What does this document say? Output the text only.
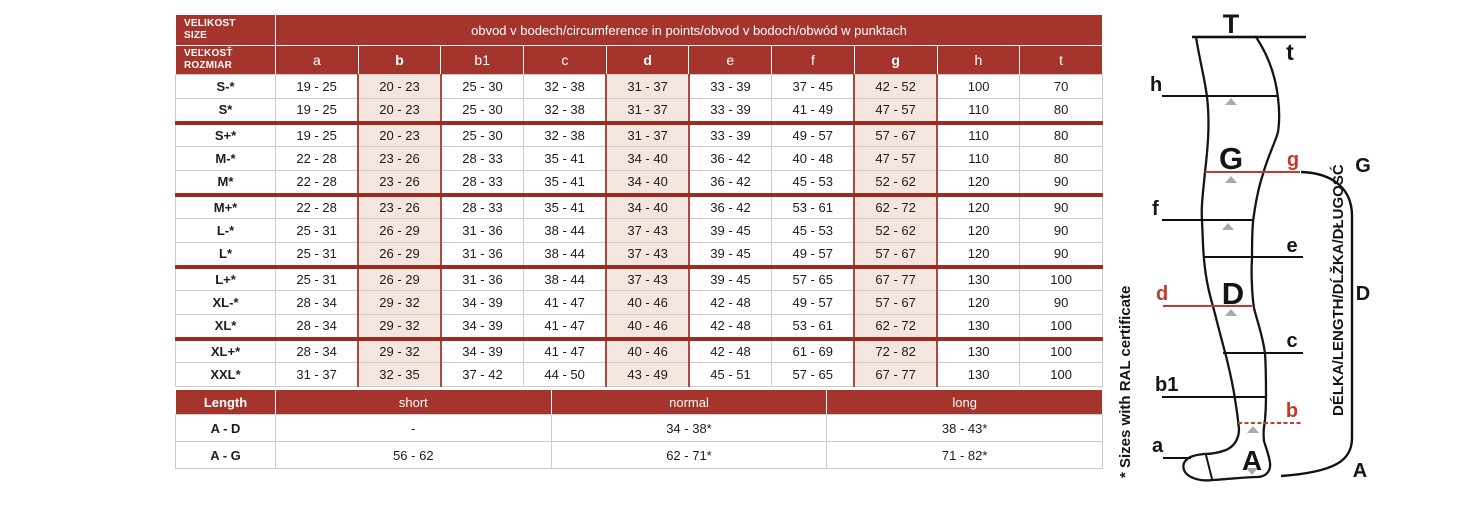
VELIKOST
SIZE	obvod v bodech/circumference in points/obvod v bodoch/obwód w punktach									

VEĽKOSŤ
ROZMIAR	a	b	b1	c	d	e	f	g	h	t
S-*	19 - 25	20 - 23	25 - 30	32 - 38	31 - 37	33 - 39	37 - 45	42 - 52	100	70
S*	19 - 25	20 - 23	25 - 30	32 - 38	31 - 37	33 - 39	41 - 49	47 - 57	110	80
S+*	19 - 25	20 - 23	25 - 30	32 - 38	31 - 37	33 - 39	49 - 57	57 - 67	110	80
M-*	22 - 28	23 - 26	28 - 33	35 - 41	34 - 40	36 - 42	40 - 48	47 - 57	110	80
M*	22 - 28	23 - 26	28 - 33	35 - 41	34 - 40	36 - 42	45 - 53	52 - 62	120	90
M+*	22 - 28	23 - 26	28 - 33	35 - 41	34 - 40	36 - 42	53 - 61	62 - 72	120	90
L-*	25 - 31	26 - 29	31 - 36	38 - 44	37 - 43	39 - 45	45 - 53	52 - 62	120	90
L*	25 - 31	26 - 29	31 - 36	38 - 44	37 - 43	39 - 45	49 - 57	57 - 67	120	90
L+*	25 - 31	26 - 29	31 - 36	38 - 44	37 - 43	39 - 45	57 - 65	67 - 77	130	100
XL-*	28 - 34	29 - 32	34 - 39	41 - 47	40 - 46	42 - 48	49 - 57	57 - 67	120	90
XL*	28 - 34	29 - 32	34 - 39	41 - 47	40 - 46	42 - 48	53 - 61	62 - 72	130	100
XL+*	28 - 34	29 - 32	34 - 39	41 - 47	40 - 46	42 - 48	61 - 69	72 - 82	130	100
XXL*	31 - 37	32 - 35	37 - 42	44 - 50	43 - 49	45 - 51	57 - 65	67 - 77	130	100
Length	short	normal	long
A - D	-	34 - 38*	38 - 43*
A - G	56 - 62	62 - 71*	71 - 82*
T
t
h
G g	G
f
e
d D	D
c
b1
b
a	A	A
* Sizes with RAL certificate	DÉLKA/LENGTH/DĹŽKA/DŁUGOŚĆ
